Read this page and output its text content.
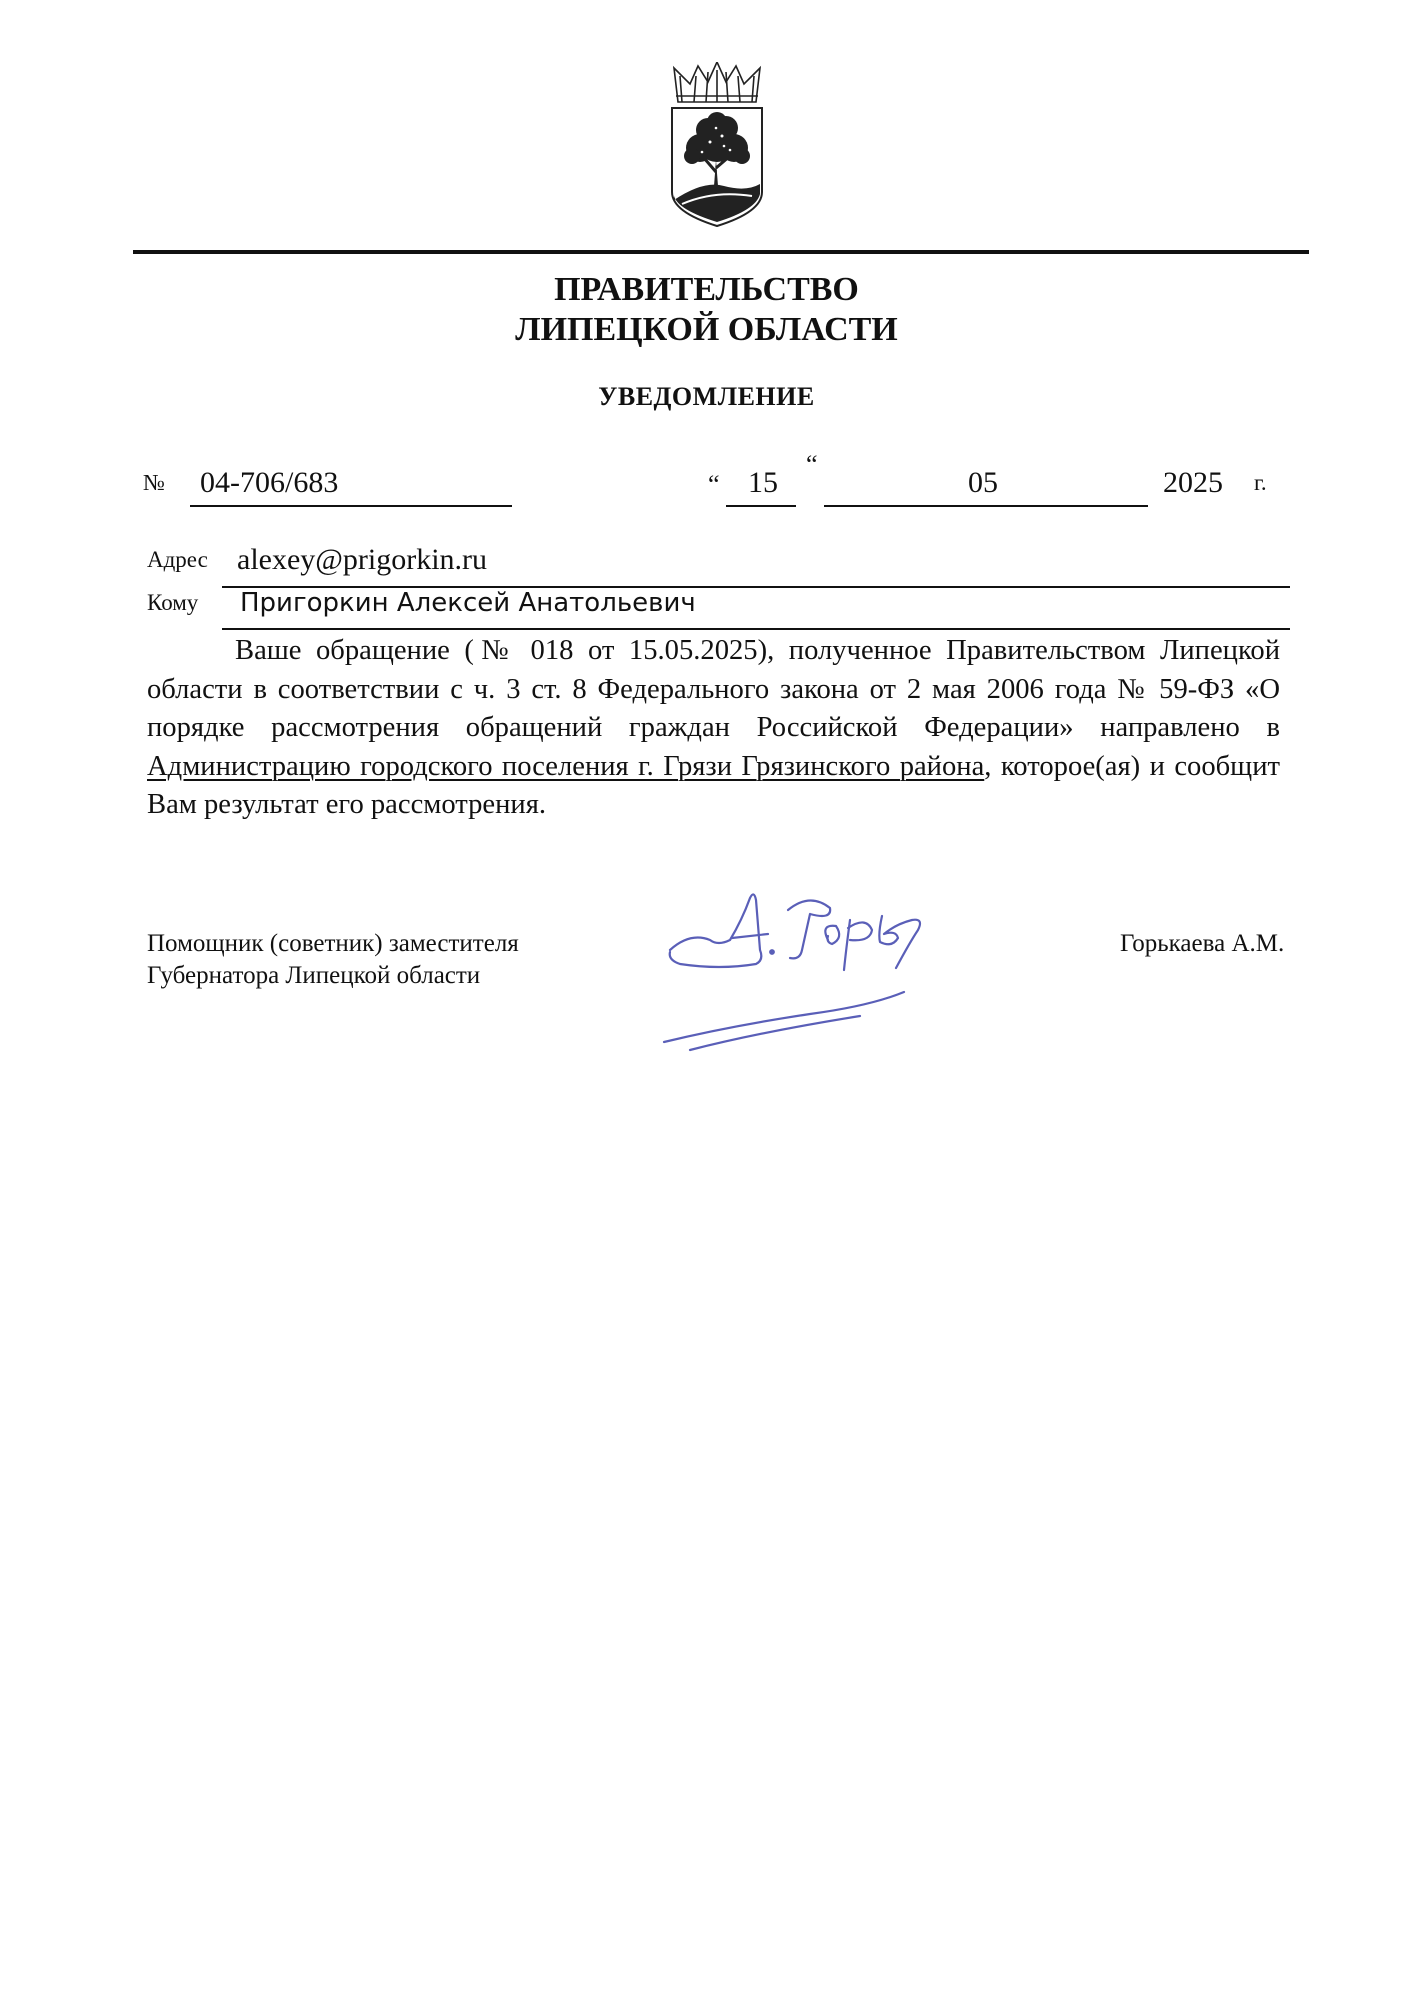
ПРАВИТЕЛЬСТВО
ЛИПЕЦКОЙ ОБЛАСТИ
УВЕДОМЛЕНИЕ
№ 04-706/683	“ 15
“
05	2025 г.
Адрес alexey@prigorkin.ru
Кому Пригоркин Алексей Анатольевич

Ваше обращение (№ 018 от 15.05.2025), полученное Правительством Липецкой области в соответствии с ч. 3 ст. 8 Федерального закона от 2 мая 2006 года № 59-ФЗ «О порядке рассмотрения обращений граждан Российской Федерации» направлено в Администрацию городского поселения г. Грязи Грязинского района, которое(ая) и сообщит Вам результат его рассмотрения.

Помощник (советник) заместителя
Губернатора Липецкой области
Горькаева А.М.
